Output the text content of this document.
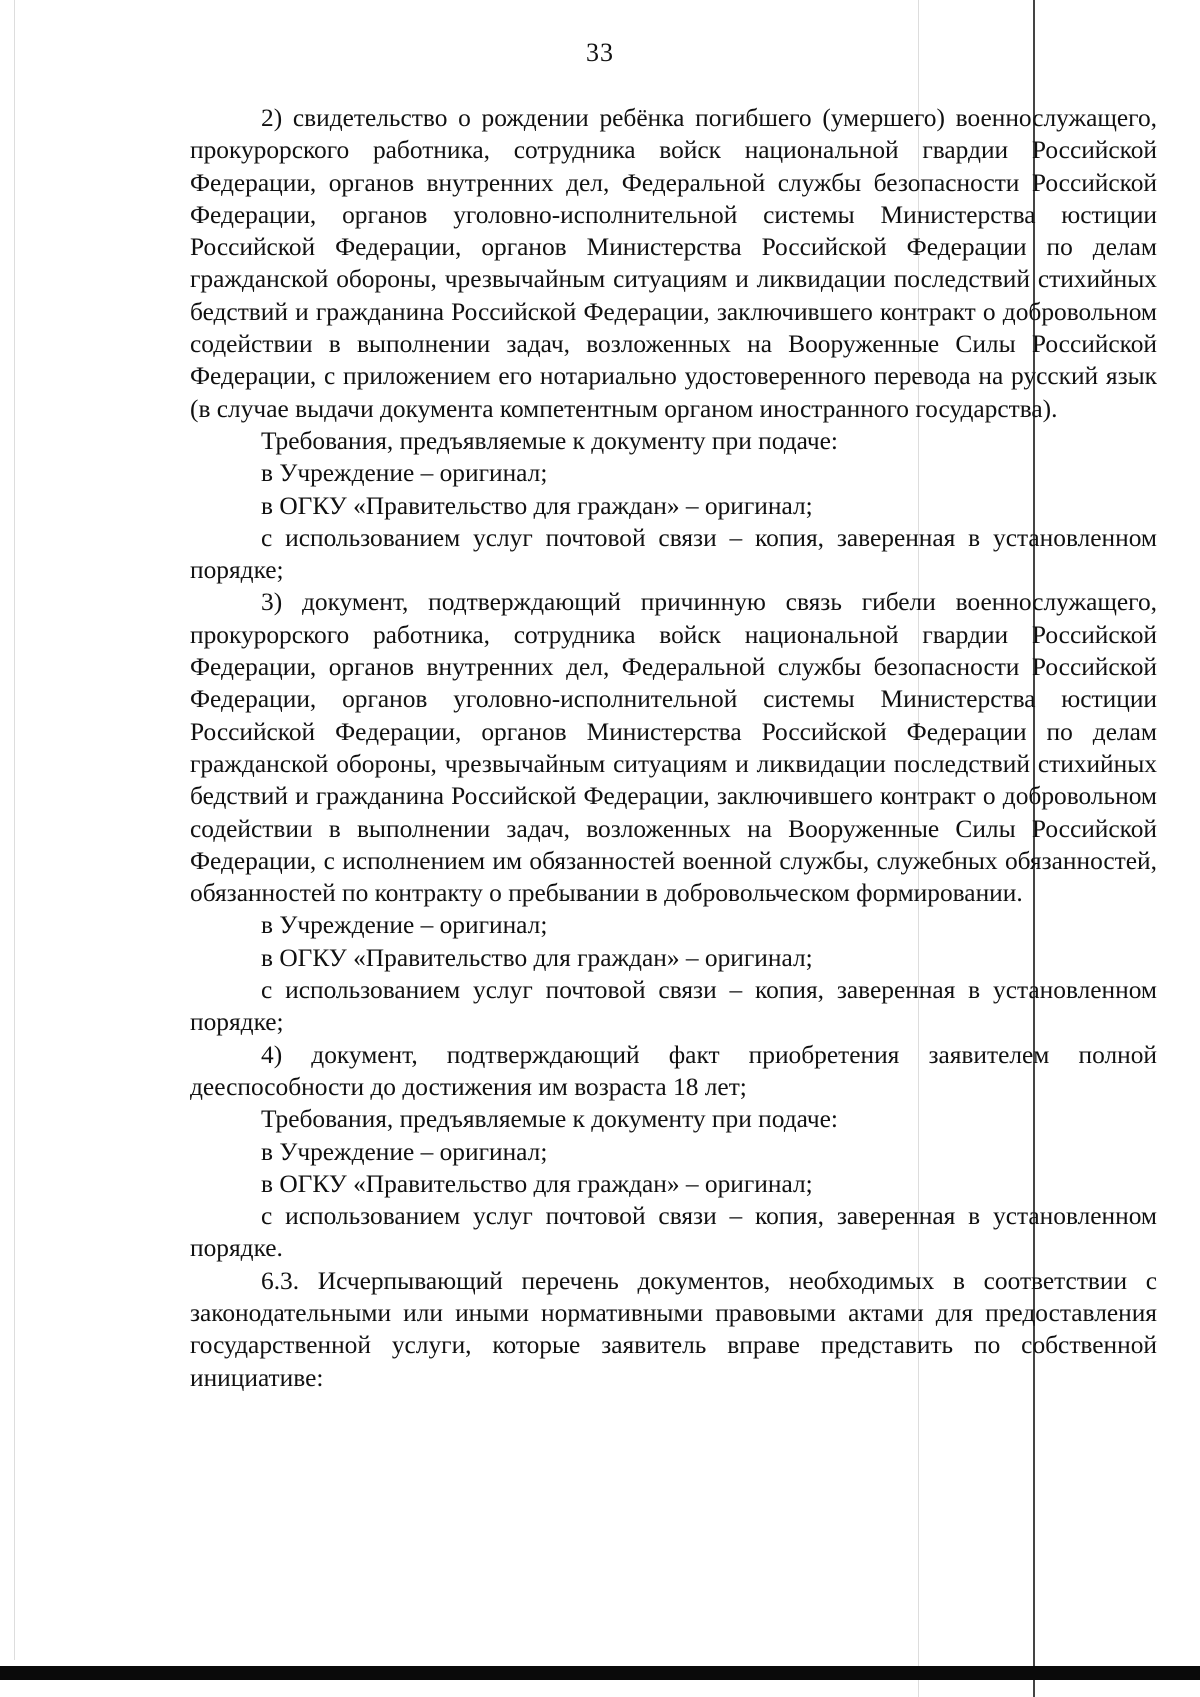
33

2) свидетельство о рождении ребёнка погибшего (умершего) военнослужащего, прокурорского работника, сотрудника войск национальной гвардии Российской Федерации, органов внутренних дел, Федеральной службы безопасности Российской Федерации, органов уголовно-исполнительной системы Министерства юстиции Российской Федерации, органов Министерства Российской Федерации по делам гражданской обороны, чрезвычайным ситуациям и ликвидации последствий стихийных бедствий и гражданина Российской Федерации, заключившего контракт о добровольном содействии в выполнении задач, возложенных на Вооруженные Силы Российской Федерации, с приложением его нотариально удостоверенного перевода на русский язык (в случае выдачи документа компетентным органом иностранного государства).

Требования, предъявляемые к документу при подаче:

в Учреждение – оригинал;

в ОГКУ «Правительство для граждан» – оригинал;

с использованием услуг почтовой связи – копия, заверенная в установленном порядке;

3) документ, подтверждающий причинную связь гибели военнослужащего, прокурорского работника, сотрудника войск национальной гвардии Российской Федерации, органов внутренних дел, Федеральной службы безопасности Российской Федерации, органов уголовно-исполнительной системы Министерства юстиции Российской Федерации, органов Министерства Российской Федерации по делам гражданской обороны, чрезвычайным ситуациям и ликвидации последствий стихийных бедствий и гражданина Российской Федерации, заключившего контракт о добровольном содействии в выполнении задач, возложенных на Вооруженные Силы Российской Федерации, с исполнением им обязанностей военной службы, служебных обязанностей, обязанностей по контракту о пребывании в добровольческом формировании.

в Учреждение – оригинал;

в ОГКУ «Правительство для граждан» – оригинал;

с использованием услуг почтовой связи – копия, заверенная в установленном порядке;

4) документ, подтверждающий факт приобретения заявителем полной дееспособности до достижения им возраста 18 лет;

Требования, предъявляемые к документу при подаче:

в Учреждение – оригинал;

в ОГКУ «Правительство для граждан» – оригинал;

с использованием услуг почтовой связи – копия, заверенная в установленном порядке.

6.3. Исчерпывающий перечень документов, необходимых в соответствии с законодательными или иными нормативными правовыми актами для предоставления государственной услуги, которые заявитель вправе представить по собственной инициативе:
